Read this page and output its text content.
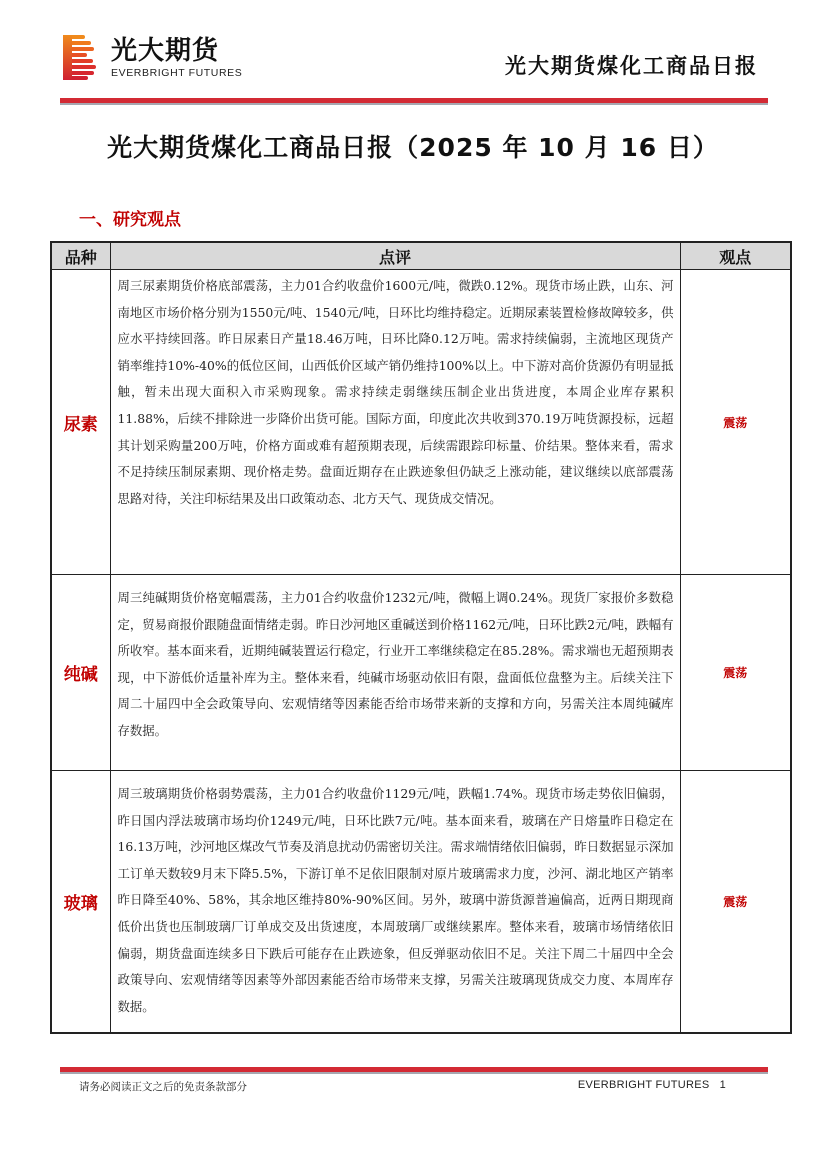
光大期货
EVERBRIGHT FUTURES	光大期货煤化工商品日报
光大期货煤化工商品日报（2025 年 10 月 16 日）
一、研究观点
品种	点评	观点
尿素	周三尿素期货价格底部震荡，主力01合约收盘价1600元/吨，微跌0.12%。现货市场止跌，山东、河南地区市场价格分别为1550元/吨、1540元/吨，日环比均维持稳定。近期尿素装置检修故障较多，供应水平持续回落。昨日尿素日产量18.46万吨，日环比降0.12万吨。需求持续偏弱，主流地区现货产销率维持10%-40%的低位区间，山西低价区域产销仍维持100%以上。中下游对高价货源仍有明显抵触，暂未出现大面积入市采购现象。需求持续走弱继续压制企业出货进度，本周企业库存累积11.88%，后续不排除进一步降价出货可能。国际方面，印度此次共收到370.19万吨货源投标，远超其计划采购量200万吨，价格方面或难有超预期表现，后续需跟踪印标量、价结果。整体来看，需求不足持续压制尿素期、现价格走势。盘面近期存在止跌迹象但仍缺乏上涨动能，建议继续以底部震荡思路对待，关注印标结果及出口政策动态、北方天气、现货成交情况。	震荡
纯碱	周三纯碱期货价格宽幅震荡，主力01合约收盘价1232元/吨，微幅上调0.24%。现货厂家报价多数稳定，贸易商报价跟随盘面情绪走弱。昨日沙河地区重碱送到价格1162元/吨，日环比跌2元/吨，跌幅有所收窄。基本面来看，近期纯碱装置运行稳定，行业开工率继续稳定在85.28%。需求端也无超预期表现，中下游低价适量补库为主。整体来看，纯碱市场驱动依旧有限，盘面低位盘整为主。后续关注下周二十届四中全会政策导向、宏观情绪等因素能否给市场带来新的支撑和方向，另需关注本周纯碱库存数据。	震荡
玻璃	周三玻璃期货价格弱势震荡，主力01合约收盘价1129元/吨，跌幅1.74%。现货市场走势依旧偏弱，昨日国内浮法玻璃市场均价1249元/吨，日环比跌7元/吨。基本面来看，玻璃在产日熔量昨日稳定在16.13万吨，沙河地区煤改气节奏及消息扰动仍需密切关注。需求端情绪依旧偏弱，昨日数据显示深加工订单天数较9月末下降5.5%，下游订单不足依旧限制对原片玻璃需求力度，沙河、湖北地区产销率昨日降至40%、58%，其余地区维持80%-90%区间。另外，玻璃中游货源普遍偏高，近两日期现商低价出货也压制玻璃厂订单成交及出货速度，本周玻璃厂或继续累库。整体来看，玻璃市场情绪依旧偏弱，期货盘面连续多日下跌后可能存在止跌迹象，但反弹驱动依旧不足。关注下周二十届四中全会政策导向、宏观情绪等因素等外部因素能否给市场带来支撑，另需关注玻璃现货成交力度、本周库存数据。	震荡
请务必阅读正文之后的免责条款部分	EVERBRIGHT FUTURES 1
